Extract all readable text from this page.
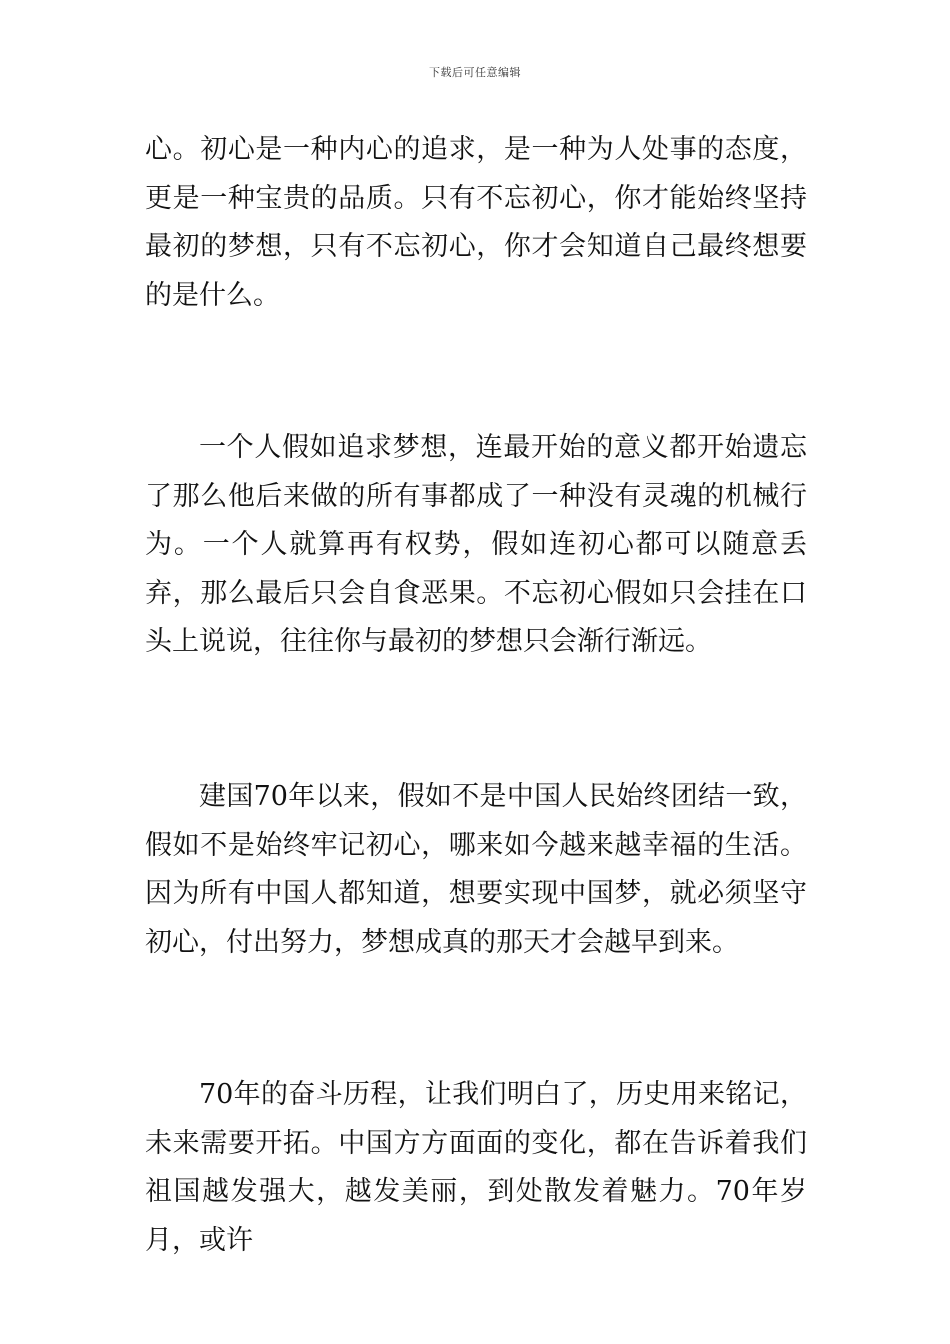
下载后可任意编辑

心。初心是一种内心的追求，是一种为人处事的态度，更是一种宝贵的品质。只有不忘初心，你才能始终坚持最初的梦想，只有不忘初心，你才会知道自己最终想要的是什么。

一个人假如追求梦想，连最开始的意义都开始遗忘了那么他后来做的所有事都成了一种没有灵魂的机械行为。一个人就算再有权势，假如连初心都可以随意丢弃，那么最后只会自食恶果。不忘初心假如只会挂在口头上说说，往往你与最初的梦想只会渐行渐远。

建国70年以来，假如不是中国人民始终团结一致，假如不是始终牢记初心，哪来如今越来越幸福的生活。因为所有中国人都知道，想要实现中国梦，就必须坚守初心，付出努力，梦想成真的那天才会越早到来。

70年的奋斗历程，让我们明白了，历史用来铭记，未来需要开拓。中国方方面面的变化，都在告诉着我们祖国越发强大，越发美丽，到处散发着魅力。70年岁月，或许
